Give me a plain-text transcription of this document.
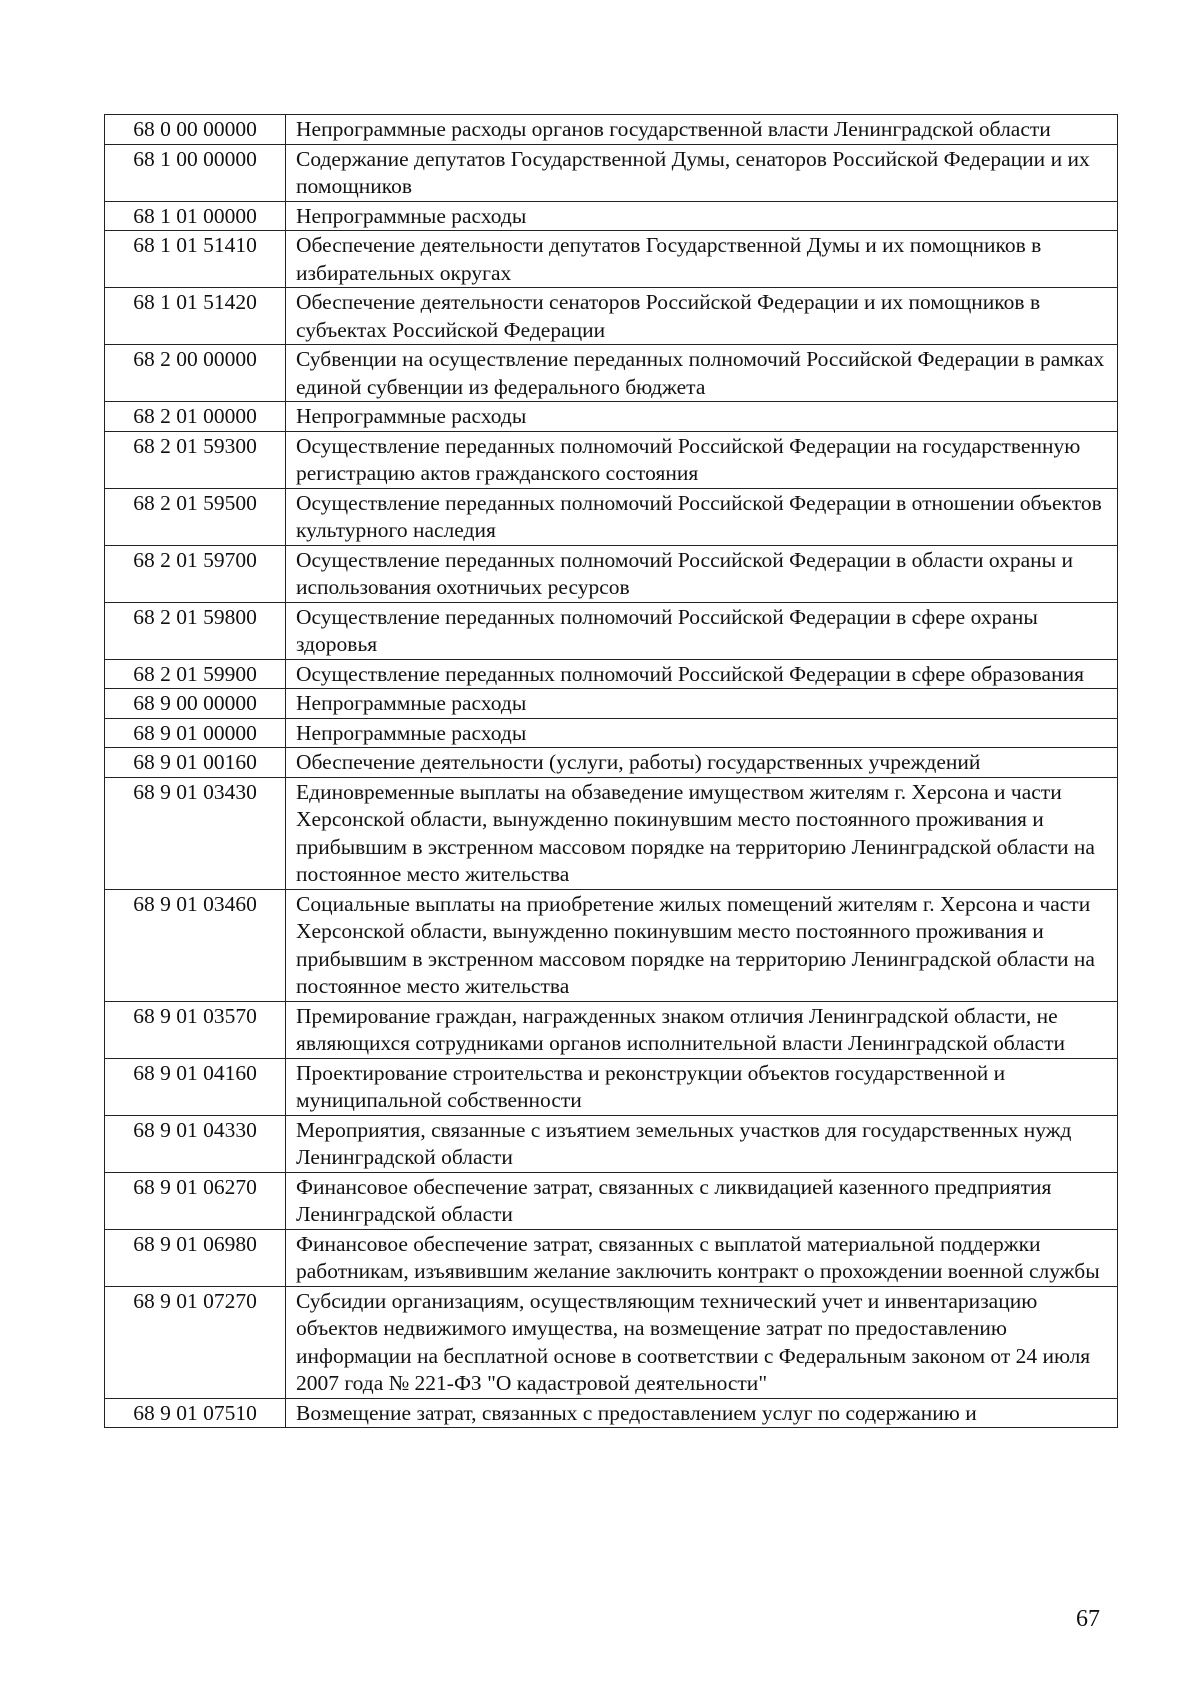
68 0 00 00000	Непрограммные расходы органов государственной власти Ленинградской области
68 1 00 00000	Содержание депутатов Государственной Думы, сенаторов Российской Федерации и их помощников
68 1 01 00000	Непрограммные расходы
68 1 01 51410	Обеспечение деятельности депутатов Государственной Думы и их помощников в избирательных округах
68 1 01 51420	Обеспечение деятельности сенаторов Российской Федерации и их помощников в субъектах Российской Федерации
68 2 00 00000	Субвенции на осуществление переданных полномочий Российской Федерации в рамках единой субвенции из федерального бюджета
68 2 01 00000	Непрограммные расходы
68 2 01 59300	Осуществление переданных полномочий Российской Федерации на государственную регистрацию актов гражданского состояния
68 2 01 59500	Осуществление переданных полномочий Российской Федерации в отношении объектов культурного наследия
68 2 01 59700	Осуществление переданных полномочий Российской Федерации в области охраны и использования охотничьих ресурсов
68 2 01 59800	Осуществление переданных полномочий Российской Федерации в сфере охраны здоровья
68 2 01 59900	Осуществление переданных полномочий Российской Федерации в сфере образования
68 9 00 00000	Непрограммные расходы
68 9 01 00000	Непрограммные расходы
68 9 01 00160	Обеспечение деятельности (услуги, работы) государственных учреждений
68 9 01 03430	Единовременные выплаты на обзаведение имуществом жителям г. Херсона и части Херсонской области, вынужденно покинувшим место постоянного проживания и прибывшим в экстренном массовом порядке на территорию Ленинградской области на постоянное место жительства
68 9 01 03460	Социальные выплаты на приобретение жилых помещений жителям г. Херсона и части Херсонской области, вынужденно покинувшим место постоянного проживания и прибывшим в экстренном массовом порядке на территорию Ленинградской области на постоянное место жительства
68 9 01 03570	Премирование граждан, награжденных знаком отличия Ленинградской области, не являющихся сотрудниками органов исполнительной власти Ленинградской области
68 9 01 04160	Проектирование строительства и реконструкции объектов государственной и муниципальной собственности
68 9 01 04330	Мероприятия, связанные с изъятием земельных участков для государственных нужд Ленинградской области
68 9 01 06270	Финансовое обеспечение затрат, связанных с ликвидацией казенного предприятия Ленинградской области
68 9 01 06980	Финансовое обеспечение затрат, связанных с выплатой материальной поддержки работникам, изъявившим желание заключить контракт о прохождении военной службы
68 9 01 07270	Субсидии организациям, осуществляющим технический учет и инвентаризацию объектов недвижимого имущества, на возмещение затрат по предоставлению информации на бесплатной основе в соответствии с Федеральным законом от 24 июля 2007 года № 221-ФЗ "О кадастровой деятельности"
68 9 01 07510	Возмещение затрат, связанных с предоставлением услуг по содержанию и
67
